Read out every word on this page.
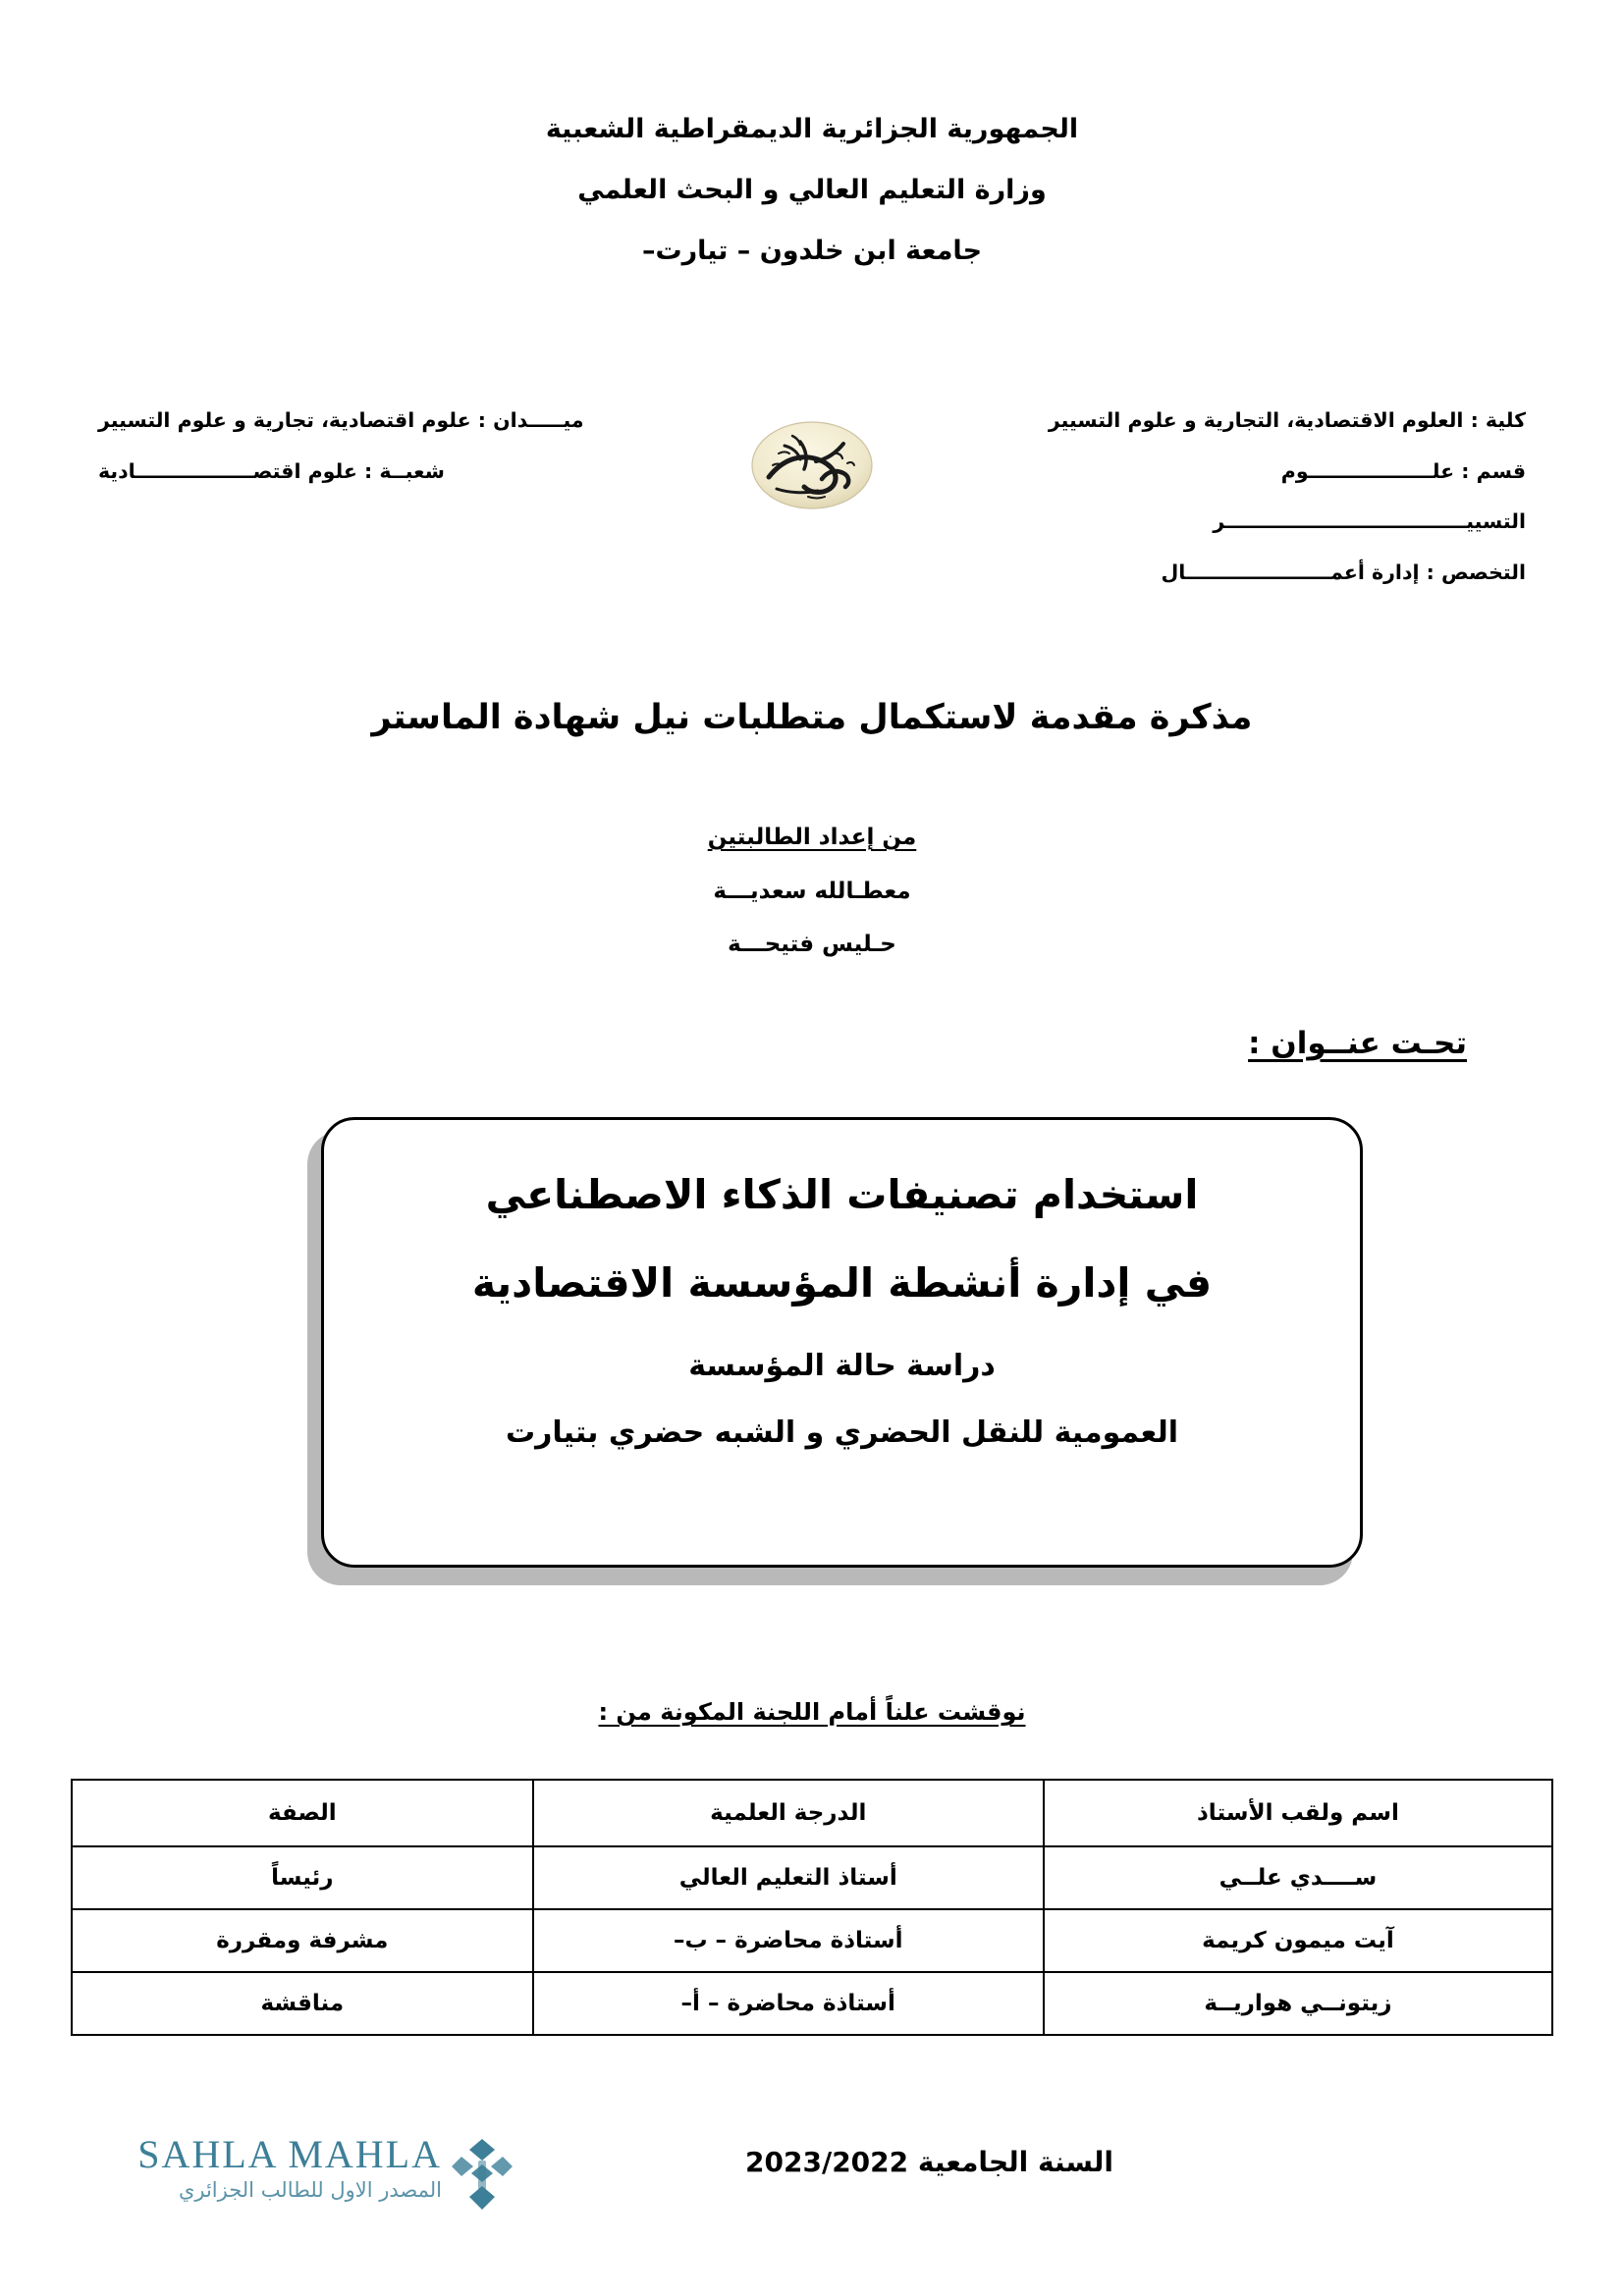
الجمهورية الجزائرية الديمقراطية الشعبية
وزارة التعليم العالي و البحث العلمي
جامعة ابن خلدون – تيارت–
كلية : العلوم الاقتصادية، التجارية و علوم التسيير
قسم : علــــــــــــــــــوم
التسييـــــــــــــــــــــــــــــــــــر
التخصص : إدارة أعمـــــــــــــــــــــال
ميـــــدان : علوم اقتصادية، تجارية و علوم التسيير
شعبــة : علوم اقتصـــــــــــــــــادية
مذكرة مقدمة لاستكمال متطلبات نيل شهادة الماستر
من إعداد الطالبتين
معطـالله سعديـــة
حـليس فتيحـــة
تحـت عنــوان :
استخدام تصنيفات الذكاء الاصطناعي
في إدارة أنشطة المؤسسة الاقتصادية
دراسة حالة المؤسسة
العمومية للنقل الحضري و الشبه حضري بتيارت
نوقشت علناً أمام اللجنة المكونة من :
اسم ولقب الأستاذ	الدرجة العلمية	الصفة
ســــدي علــي	أستاذ التعليم العالي	رئيساً
آيت ميمون كريمة	أستاذة محاضرة – ب–	مشرفة ومقررة
زيتونــي هواريــة	أستاذة محاضرة – أ–	مناقشة
السنة الجامعية 2023/2022
SAHLA MAHLA
المصدر الاول للطالب الجزائري
